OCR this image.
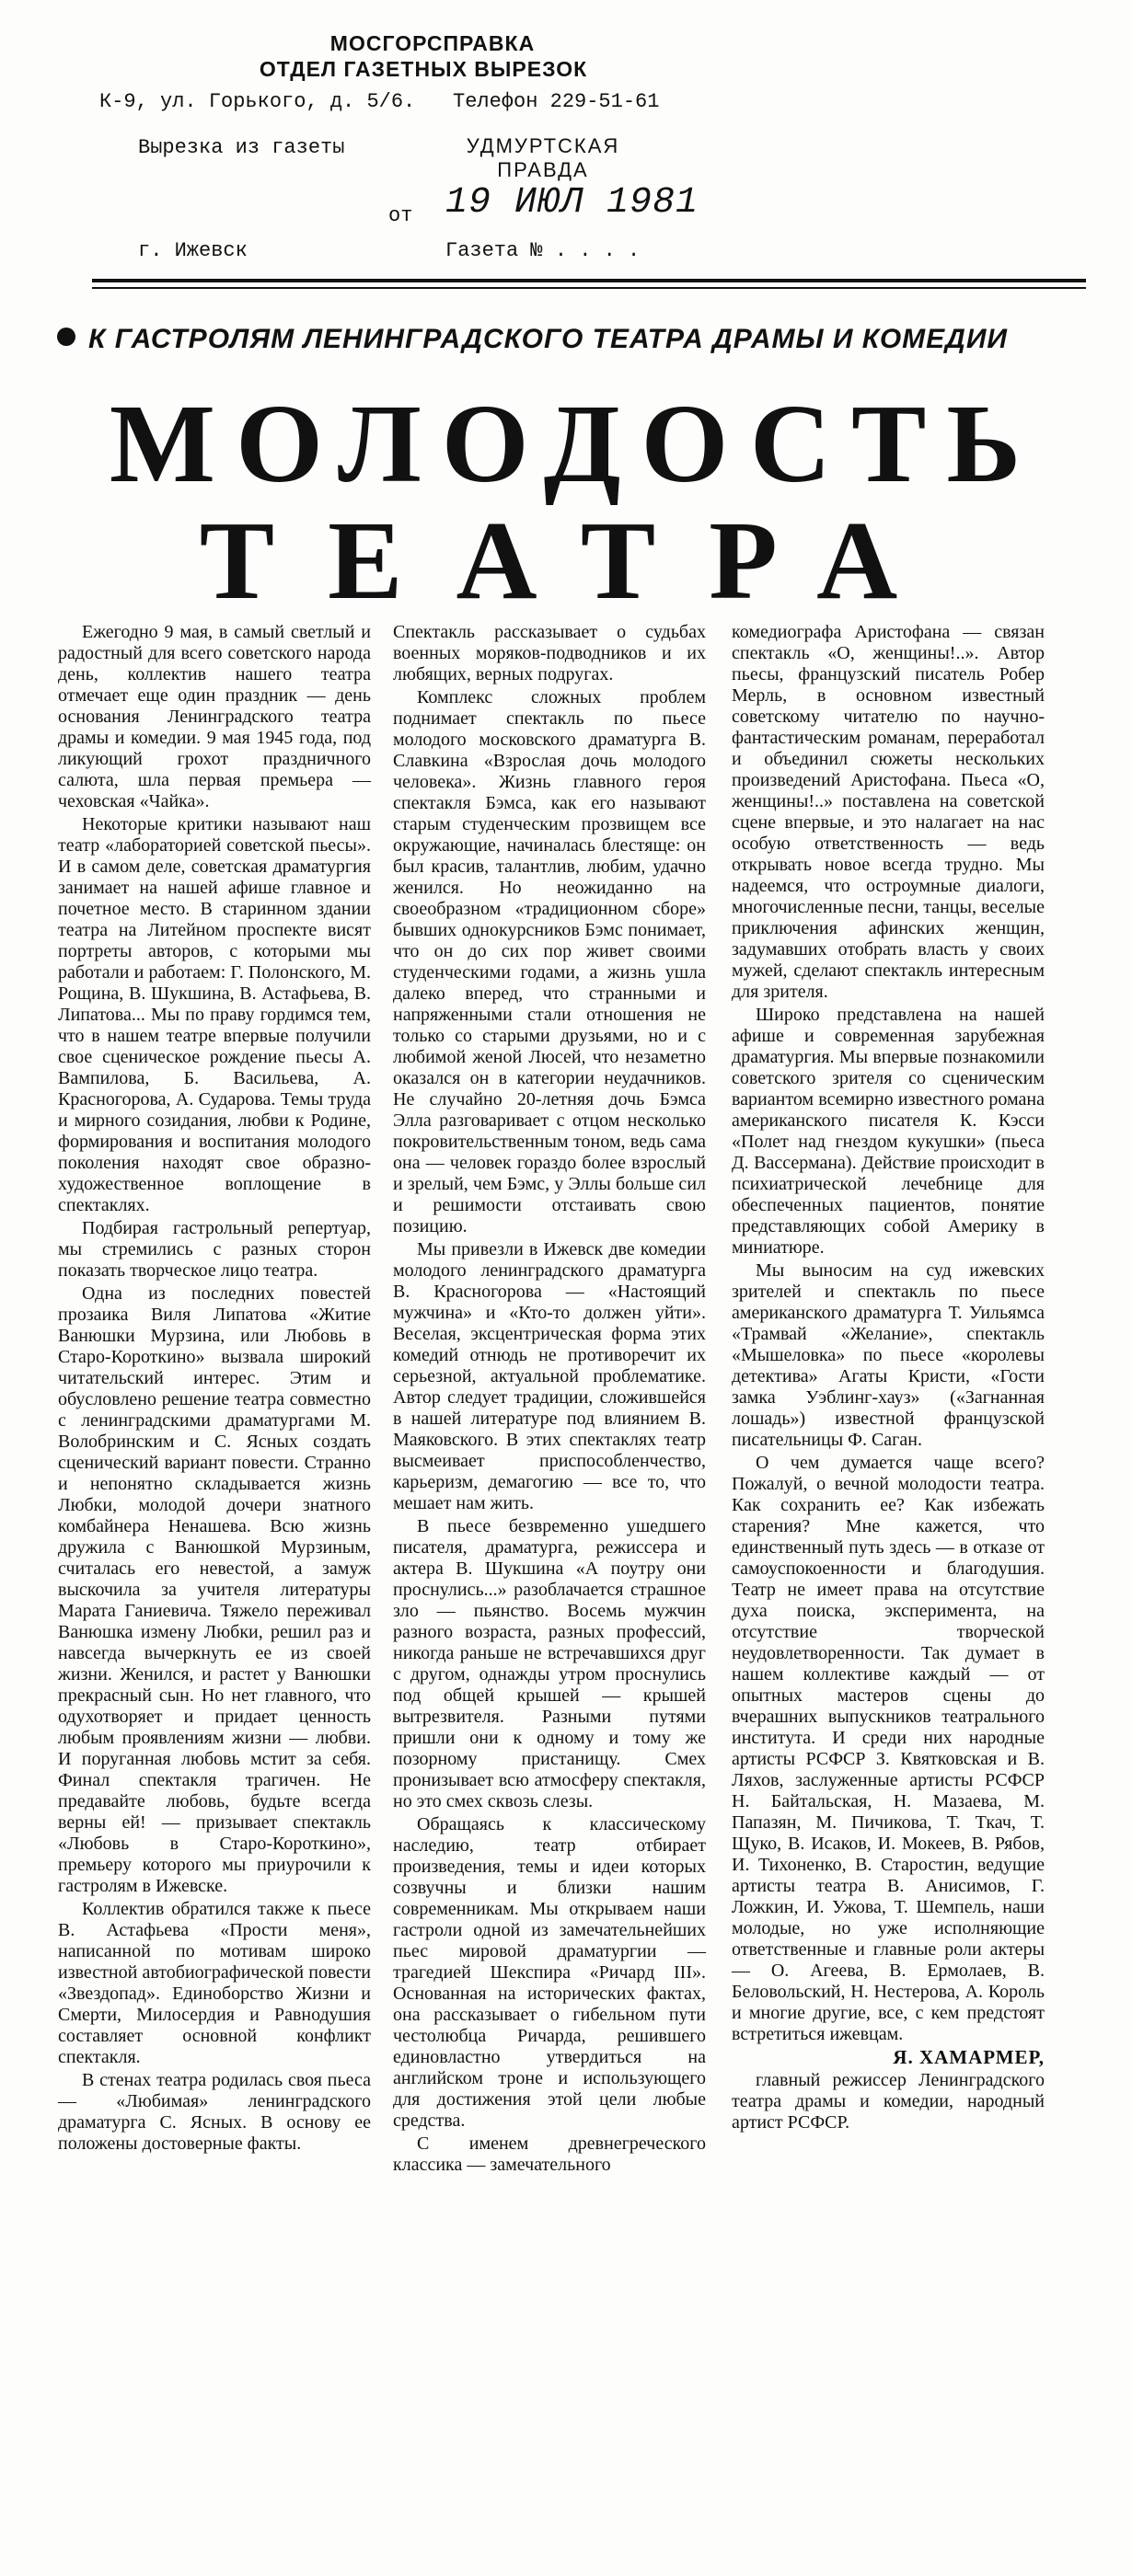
МОСГОРСПРАВКА
ОТДЕЛ ГАЗЕТНЫХ ВЫРЕЗОК
К-9, ул. Горького, д. 5/6. Телефон 229-51-61
Вырезка из газеты	УДМУРТСКАЯ ПРАВДА
от 19 ИЮЛ 1981
г. Ижевск	Газета № . . . .
К ГАСТРОЛЯМ ЛЕНИНГРАДСКОГО ТЕАТРА ДРАМЫ И КОМЕДИИ
МОЛОДОСТЬ
ТЕАТРА

Ежегодно 9 мая, в самый светлый и радостный для всего советского народа день, коллектив нашего театра отмечает еще один праздник — день основания Ленинградского театра драмы и комедии. 9 мая 1945 года, под ликующий грохот праздничного салюта, шла первая премьера — чеховская «Чайка».

Некоторые критики называют наш театр «лабораторией советской пьесы». И в самом деле, советская драматургия занимает на нашей афише главное и почетное место. В старинном здании театра на Литейном проспекте висят портреты авторов, с которыми мы работали и работаем: Г. Полонского, М. Рощина, В. Шукшина, В. Астафьева, В. Липатова... Мы по праву гордимся тем, что в нашем театре впервые получили свое сценическое рождение пьесы А. Вампилова, Б. Васильева, А. Красногорова, А. Сударова. Темы труда и мирного созидания, любви к Родине, формирования и воспитания молодого поколения находят свое образно-художественное воплощение в спектаклях.

Подбирая гастрольный репертуар, мы стремились с разных сторон показать творческое лицо театра.

Одна из последних повестей прозаика Виля Липатова «Житие Ванюшки Мурзина, или Любовь в Старо-Короткино» вызвала широкий читательский интерес. Этим и обусловлено решение театра совместно с ленинградскими драматургами М. Волобринским и С. Ясных создать сценический вариант повести. Странно и непонятно складывается жизнь Любки, молодой дочери знатного комбайнера Ненашева. Всю жизнь дружила с Ванюшкой Мурзиным, считалась его невестой, а замуж выскочила за учителя литературы Марата Ганиевича. Тяжело переживал Ванюшка измену Любки, решил раз и навсегда вычеркнуть ее из своей жизни. Женился, и растет у Ванюшки прекрасный сын. Но нет главного, что одухотворяет и придает ценность любым проявлениям жизни — любви. И поруганная любовь мстит за себя. Финал спектакля трагичен. Не предавайте любовь, будьте всегда верны ей! — призывает спектакль «Любовь в Старо-Короткино», премьеру которого мы приурочили к гастролям в Ижевске.

Коллектив обратился также к пьесе В. Астафьева «Прости меня», написанной по мотивам широко известной автобиографической повести «Звездопад». Единоборство Жизни и Смерти, Милосердия и Равнодушия составляет основной конфликт спектакля.

В стенах театра родилась своя пьеса — «Любимая» ленинградского драматурга С. Ясных. В основу ее положены достоверные факты.

Спектакль рассказывает о судьбах военных моряков-подводников и их любящих, верных подругах.

Комплекс сложных проблем поднимает спектакль по пьесе молодого московского драматурга В. Славкина «Взрослая дочь молодого человека». Жизнь главного героя спектакля Бэмса, как его называют старым студенческим прозвищем все окружающие, начиналась блестяще: он был красив, талантлив, любим, удачно женился. Но неожиданно на своеобразном «традиционном сборе» бывших однокурсников Бэмс понимает, что он до сих пор живет своими студенческими годами, а жизнь ушла далеко вперед, что странными и напряженными стали отношения не только со старыми друзьями, но и с любимой женой Люсей, что незаметно оказался он в категории неудачников. Не случайно 20-летняя дочь Бэмса Элла разговаривает с отцом несколько покровительственным тоном, ведь сама она — человек гораздо более взрослый и зрелый, чем Бэмс, у Эллы больше сил и решимости отстаивать свою позицию.

Мы привезли в Ижевск две комедии молодого ленинградского драматурга В. Красногорова — «Настоящий мужчина» и «Кто-то должен уйти». Веселая, эксцентрическая форма этих комедий отнюдь не противоречит их серьезной, актуальной проблематике. Автор следует традиции, сложившейся в нашей литературе под влиянием В. Маяковского. В этих спектаклях театр высмеивает приспособленчество, карьеризм, демагогию — все то, что мешает нам жить.

В пьесе безвременно ушедшего писателя, драматурга, режиссера и актера В. Шукшина «А поутру они проснулись...» разоблачается страшное зло — пьянство. Восемь мужчин разного возраста, разных профессий, никогда раньше не встречавшихся друг с другом, однажды утром проснулись под общей крышей — крышей вытрезвителя. Разными путями пришли они к одному и тому же позорному пристанищу. Смех пронизывает всю атмосферу спектакля, но это смех сквозь слезы.

Обращаясь к классическому наследию, театр отбирает произведения, темы и идеи которых созвучны и близки нашим современникам. Мы открываем наши гастроли одной из замечательнейших пьес мировой драматургии — трагедией Шекспира «Ричард III». Основанная на исторических фактах, она рассказывает о гибельном пути честолюбца Ричарда, решившего единовластно утвердиться на английском троне и использующего для достижения этой цели любые средства.

С именем древнегреческого классика — замечательного

комедиографа Аристофана — связан спектакль «О, женщины!..». Автор пьесы, французский писатель Робер Мерль, в основном известный советскому читателю по научно-фантастическим романам, переработал и объединил сюжеты нескольких произведений Аристофана. Пьеса «О, женщины!..» поставлена на советской сцене впервые, и это налагает на нас особую ответственность — ведь открывать новое всегда трудно. Мы надеемся, что остроумные диалоги, многочисленные песни, танцы, веселые приключения афинских женщин, задумавших отобрать власть у своих мужей, сделают спектакль интересным для зрителя.

Широко представлена на нашей афише и современная зарубежная драматургия. Мы впервые познакомили советского зрителя со сценическим вариантом всемирно известного романа американского писателя К. Кэсси «Полет над гнездом кукушки» (пьеса Д. Вассермана). Действие происходит в психиатрической лечебнице для обеспеченных пациентов, понятие представляющих собой Америку в миниатюре.

Мы выносим на суд ижевских зрителей и спектакль по пьесе американского драматурга Т. Уильямса «Трамвай «Желание», спектакль «Мышеловка» по пьесе «королевы детектива» Агаты Кристи, «Гости замка Уэблинг-хауз» («Загнанная лошадь») известной французской писательницы Ф. Саган.

О чем думается чаще всего? Пожалуй, о вечной молодости театра. Как сохранить ее? Как избежать старения? Мне кажется, что единственный путь здесь — в отказе от самоуспокоенности и благодушия. Театр не имеет права на отсутствие духа поиска, эксперимента, на отсутствие творческой неудовлетворенности. Так думает в нашем коллективе каждый — от опытных мастеров сцены до вчерашних выпускников театрального института. И среди них народные артисты РСФСР З. Квятковская и В. Ляхов, заслуженные артисты РСФСР Н. Байтальская, Н. Мазаева, М. Папазян, М. Пичикова, Т. Ткач, Т. Щуко, В. Исаков, И. Мокеев, В. Рябов, И. Тихоненко, В. Старостин, ведущие артисты театра В. Анисимов, Г. Ложкин, И. Ужова, Т. Шемпель, наши молодые, но уже исполняющие ответственные и главные роли актеры — О. Агеева, В. Ермолаев, В. Беловольский, Н. Нестерова, А. Король и многие другие, все, с кем предстоят встретиться ижевцам.

Я. ХАМАРМЕР,

главный режиссер Ленинградского театра драмы и комедии, народный артист РСФСР.
